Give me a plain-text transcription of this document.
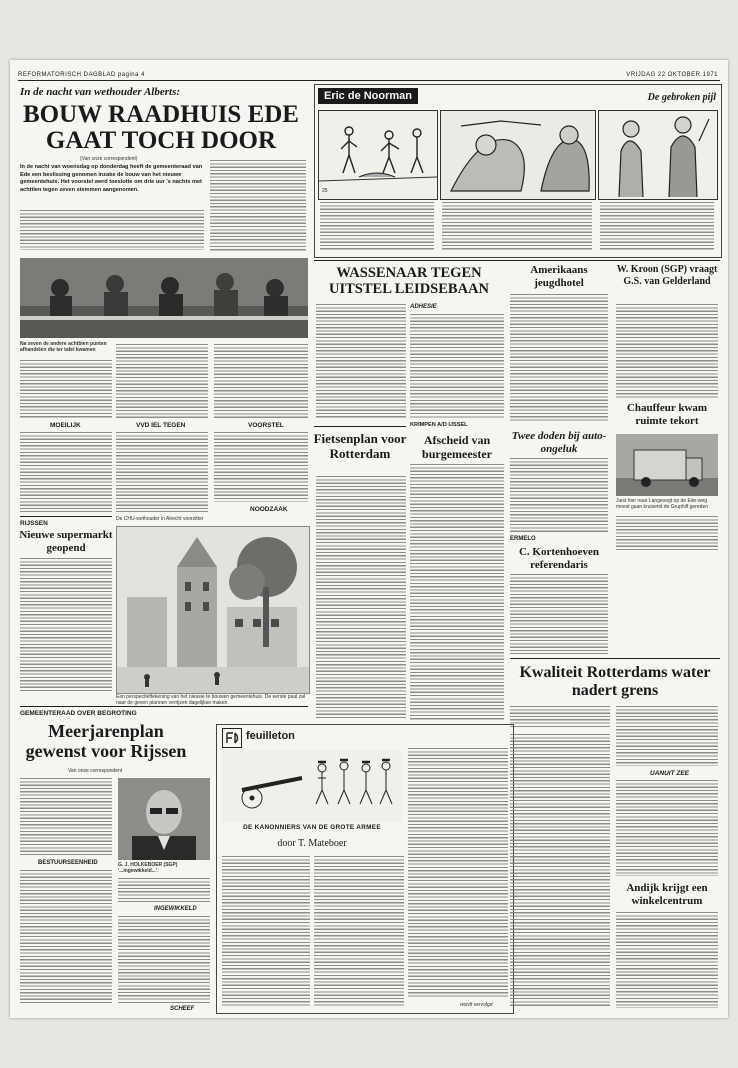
REFORMATORISCH DAGBLAD pagina 4	VRIJDAG 22 OKTOBER 1971
In de nacht van wethouder Alberts:
BOUW RAADHUIS EDE
GAAT TOCH DOOR
(Van onze correspondent)
In de nacht van woensdag op donderdag heeft de gemeenteraad van Ede een beslissing genomen inzake de bouw van het nieuwe gemeentehuis. Het voorstel werd toeslotte om drie uur 's nachts met achttien tegen zeven stemmen aangenomen.
Na zeven de andere achtbien punten afhandelen die ter tafel kwamen
MOEILIJK	VVD IEL TEGEN	VOORSTEL
NOODZAAK
De CHU-wethouder in Alrecht voorzitter
RIJSSEN
Nieuwe supermarkt geopend
Een perspectieftekening van het nieuwe te bouwen gemeentehuis. De eerste paal zal naar de geven plannen verrijzen dagelijkse maken
Eric de Noorman	De gebroken pijl
25
WASSENAAR TEGEN UITSTEL LEIDSEBAAN
ADHESIE
KRIMPEN A/D IJSSEL
Afscheid van burgemeester
Fietsenplan voor Rotterdam
Amerikaans jeugdhotel
Twee doden bij auto-ongeluk
ERMELO
C. Kortenhoeven referendaris
W. Kroon (SGP) vraagt G.S. van Gelderland
Chauffeur kwam ruimte tekort
Juist hier naar Langevegt op de Ede-weg moest gaan kruisend de Gruphilf gereden
Kwaliteit Rotterdams water nadert grens
UANUIT ZEE
Andijk krijgt een winkelcentrum
GEMEENTERAAD OVER BEGROTING
Meerjarenplan gewenst voor Rijssen
Van onze correspondent
BESTUURSEENHEID	G. J. HOLKEBOER (SGP) '...ingewikkeld...'
INGEWIKKELD
SCHEEF
feuilleton
DE KANONNIERS VAN DE GROTE ARMEE
door T. Mateboer
wordt vervolgd
